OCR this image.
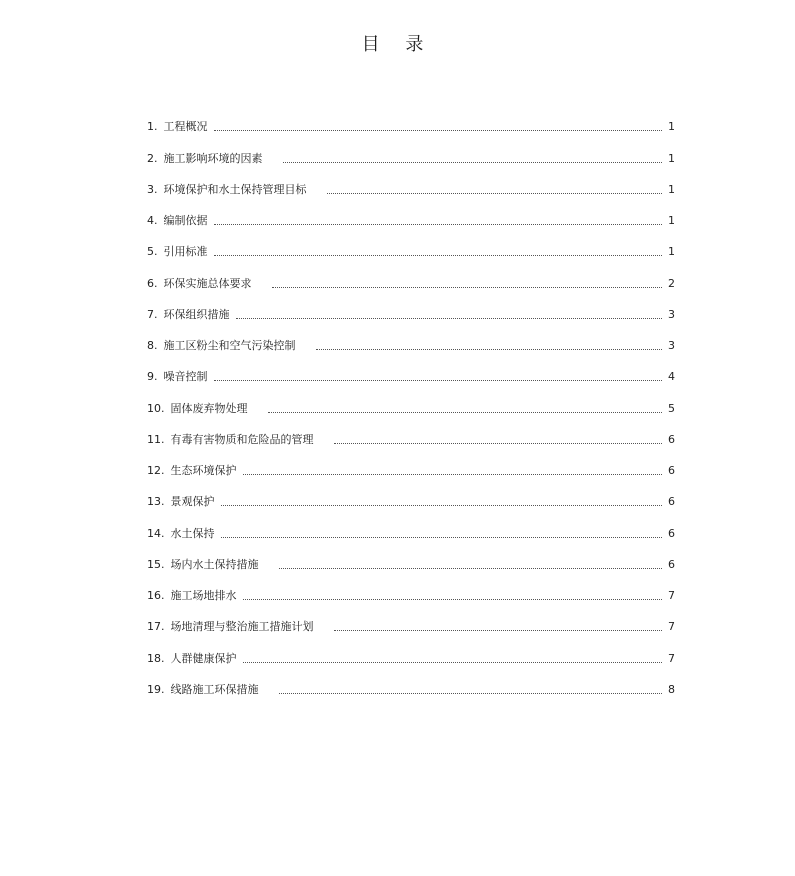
目 录
1. 工程概况	1
2. 施工影响环境的因素	1
3. 环境保护和水土保持管理目标	1
4. 编制依据	1
5. 引用标准	1
6. 环保实施总体要求	2
7. 环保组织措施	3
8. 施工区粉尘和空气污染控制	3
9. 噪音控制	4
10. 固体废弃物处理	5
11. 有毒有害物质和危险品的管理	6
12. 生态环境保护	6
13. 景观保护	6
14. 水土保持	6
15. 场内水土保持措施	6
16. 施工场地排水	7
17. 场地清理与整治施工措施计划	7
18. 人群健康保护	7
19. 线路施工环保措施	8
